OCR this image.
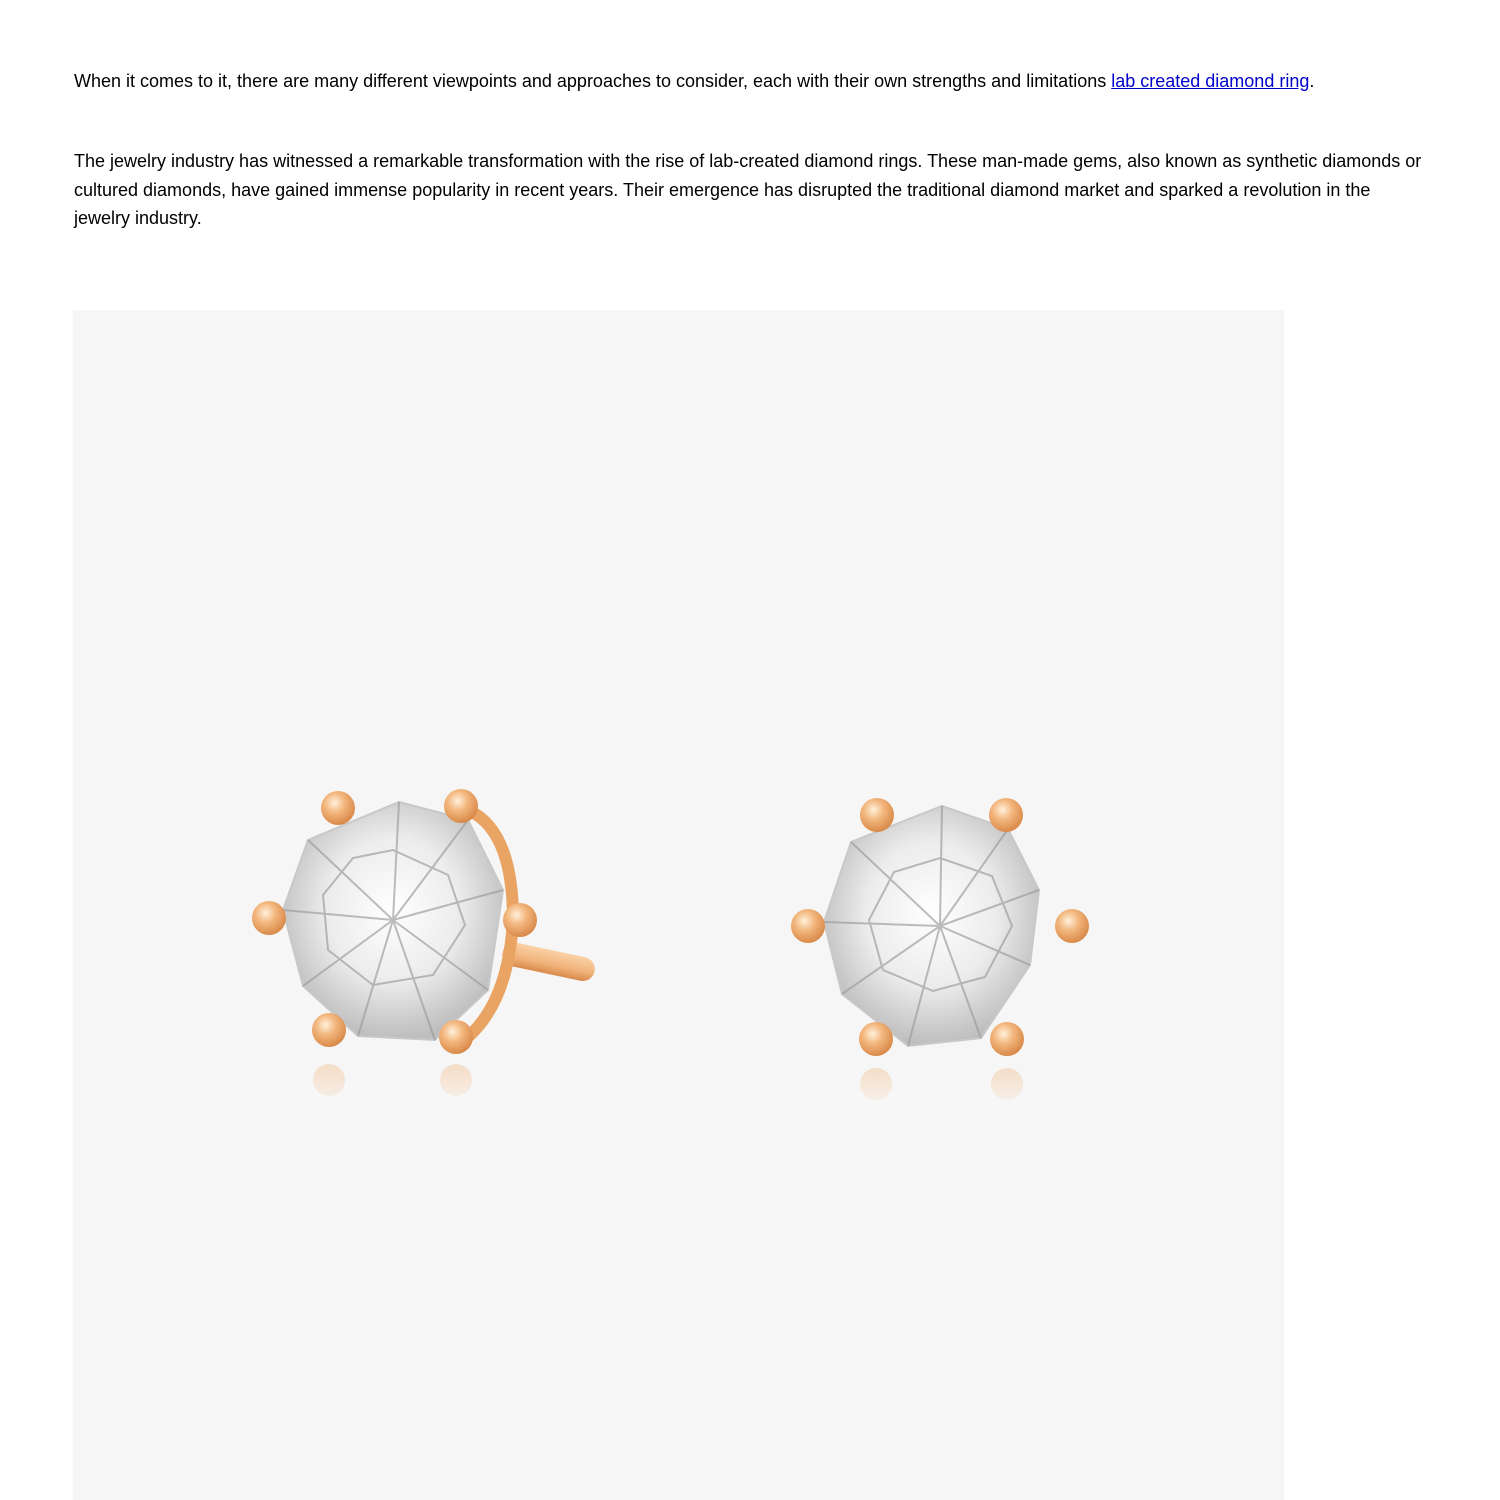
When it comes to it, there are many different viewpoints and approaches to consider, each with their own strengths and limitations lab created diamond ring.

The jewelry industry has witnessed a remarkable transformation with the rise of lab-created diamond rings. These man-made gems, also known as synthetic diamonds or cultured diamonds, have gained immense popularity in recent years. Their emergence has disrupted the traditional diamond market and sparked a revolution in the jewelry industry.
